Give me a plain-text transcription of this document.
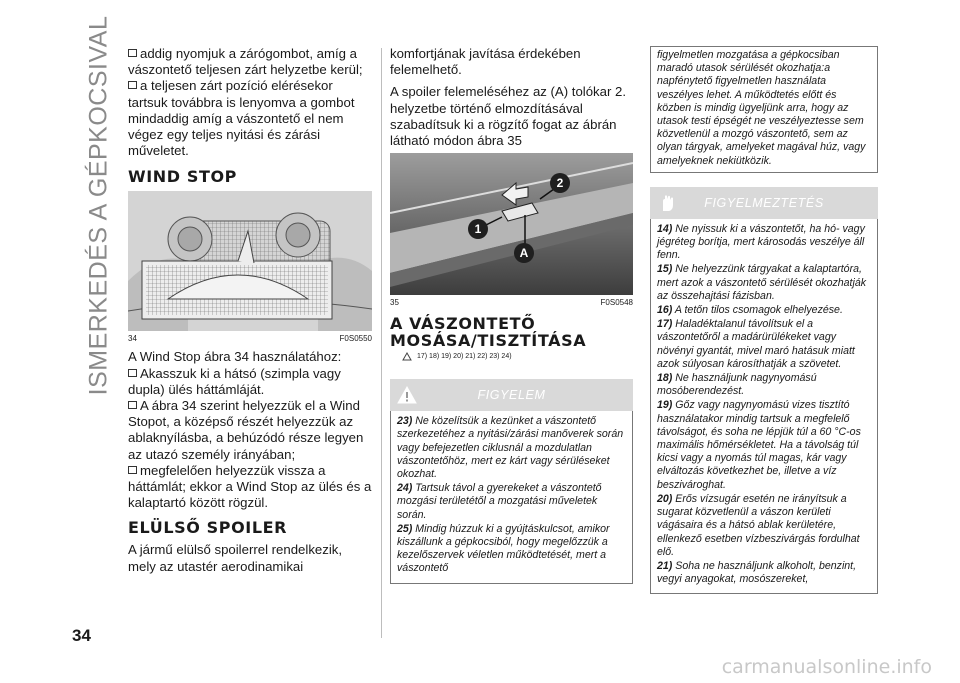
ISMERKEDÉS A GÉPKOCSIVAL
34
carmanualsonline.info

addig nyomjuk a zárógombot, amíg a vászontető teljesen zárt helyzetbe kerül;

a teljesen zárt pozíció elérésekor tartsuk továbbra is lenyomva a gombot mindaddig amíg a vászontető el nem végez egy teljes nyitási és zárási műveletet.

WIND STOP
34	F0S0550

A Wind Stop ábra 34 használatához:

Akasszuk ki a hátsó (szimpla vagy dupla) ülés háttámláját.

A ábra 34 szerint helyezzük el a Wind Stopot, a középső részét helyezzük az ablaknyílásba, a behúzódó része legyen az utazó személy irányában;

megfelelően helyezzük vissza a háttámlát; ekkor a Wind Stop az ülés és a kalaptartó között rögzül.

ELÜLSŐ SPOILER

A jármű elülső spoilerrel rendelkezik, mely az utastér aerodinamikai

komfortjának javítása érdekében felemelhető.

A spoiler felemeléséhez az (A) tolókar 2. helyzetbe történő elmozdításával szabadítsuk ki a rögzítő fogat az ábrán látható módon ábra 35

1
2
A
35	F0S0548
A VÁSZONTETŐ
MOSÁSA/TISZTÍTÁSA
17) 18) 19) 20) 21) 22) 23) 24)
FIGYELEM

23) Ne közelítsük a kezünket a vászontető szerkezetéhez a nyitási/zárási manőverek során vagy befejezetlen ciklusnál a mozdulatlan vászontetőhöz, mert ez kárt vagy sérüléseket okozhat.

24) Tartsuk távol a gyerekeket a vászontető mozgási területétől a mozgatási műveletek során.

25) Mindig húzzuk ki a gyújtáskulcsot, amikor kiszállunk a gépkocsiból, hogy megelőzzük a kezelőszervek véletlen működtetését, mert a vászontető

figyelmetlen mozgatása a gépkocsiban maradó utasok sérülését okozhatja:a napfénytető figyelmetlen használata veszélyes lehet. A működtetés előtt és közben is mindig ügyeljünk arra, hogy az utasok testi épségét ne veszélyeztesse sem közvetlenül a mozgó vászontető, sem az olyan tárgyak, amelyeket magával húz, vagy amelyeknek nekiütközik.

FIGYELMEZTETÉS

14) Ne nyissuk ki a vászontetőt, ha hó- vagy jégréteg borítja, mert károsodás veszélye áll fenn.

15) Ne helyezzünk tárgyakat a kalaptartóra, mert azok a vászontető sérülését okozhatják az összehajtási fázisban.

16) A tetőn tilos csomagok elhelyezése.

17) Haladéktalanul távolítsuk el a vászontetőről a madárürülékeket vagy növényi gyantát, mivel maró hatásuk miatt azok súlyosan károsíthatják a szövetet.

18) Ne használjunk nagynyomású mosóberendezést.

19) Gőz vagy nagynyomású vizes tisztító használatakor mindig tartsuk a megfelelő távolságot, és soha ne lépjük túl a 60 °C-os maximális hőmérsékletet. Ha a távolság túl kicsi vagy a nyomás túl magas, kár vagy elváltozás következhet be, illetve a víz beszivároghat.

20) Erős vízsugár esetén ne irányítsuk a sugarat közvetlenül a vászon kerületi vágásaira és a hátsó ablak kerületére, ellenkező esetben vízbeszivárgás fordulhat elő.

21) Soha ne használjunk alkoholt, benzint, vegyi anyagokat, mosószereket,
